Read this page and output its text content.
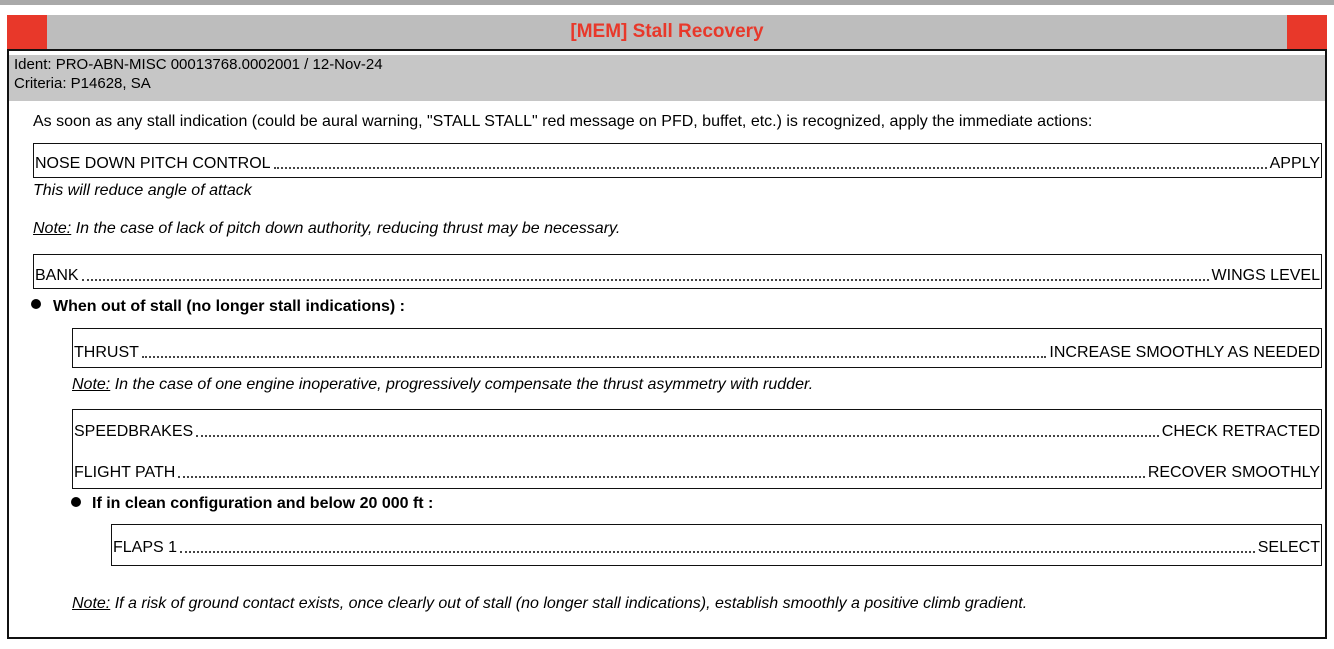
[MEM] Stall Recovery
Ident: PRO-ABN-MISC 00013768.0002001 / 12-Nov-24
Criteria: P14628, SA
As soon as any stall indication (could be aural warning, "STALL STALL" red message on PFD, buffet, etc.) is recognized, apply the immediate actions:
NOSE DOWN PITCH CONTROL	APPLY
This will reduce angle of attack
Note: In the case of lack of pitch down authority, reducing thrust may be necessary.
BANK	WINGS LEVEL
When out of stall (no longer stall indications) :
THRUST	INCREASE SMOOTHLY AS NEEDED
Note: In the case of one engine inoperative, progressively compensate the thrust asymmetry with rudder.
SPEEDBRAKES	CHECK RETRACTED
FLIGHT PATH	RECOVER SMOOTHLY
If in clean configuration and below 20 000 ft :
FLAPS 1	SELECT
Note: If a risk of ground contact exists, once clearly out of stall (no longer stall indications), establish smoothly a positive climb gradient.
